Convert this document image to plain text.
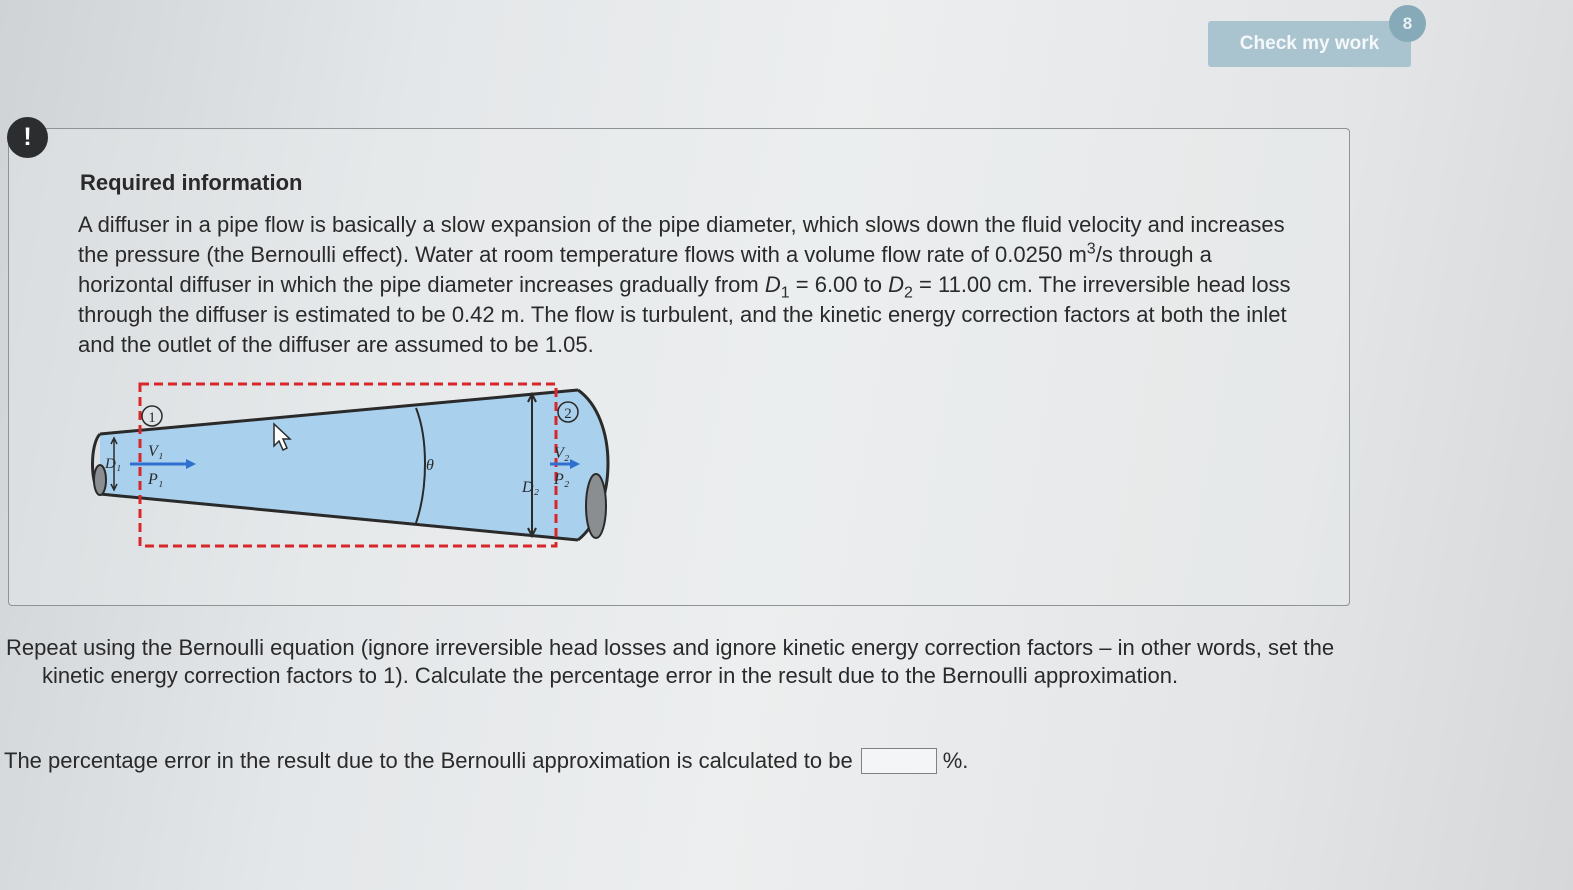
Check my work
8
!
Required information
A diffuser in a pipe flow is basically a slow expansion of the pipe diameter, which slows down the fluid velocity and increases the pressure (the Bernoulli effect). Water at room temperature flows with a volume flow rate of 0.0250 $m^3/s$ through a horizontal diffuser in which the pipe diameter increases gradually from $D_1 = 6.00$ to $D_2 = 11.00$ cm. The irreversible head loss through the diffuser is estimated to be 0.42 m. The flow is turbulent, and the kinetic energy correction factors at both the inlet and the outlet of the diffuser are assumed to be 1.05.
1	2
V₁
P₁
D₁	θ
D₂
V₂
P₂
Repeat using the Bernoulli equation (ignore irreversible head losses and ignore kinetic energy correction factors – in other words, set the kinetic energy correction factors to 1). Calculate the percentage error in the result due to the Bernoulli approximation.
The percentage error in the result due to the Bernoulli approximation is calculated to be	%.
